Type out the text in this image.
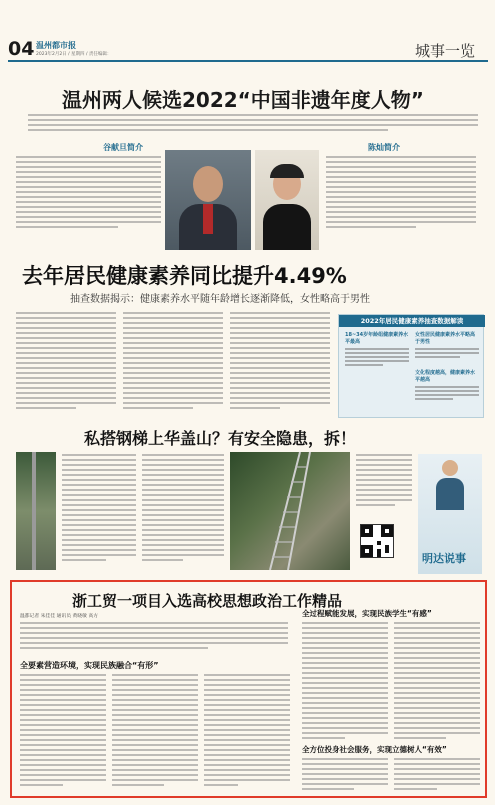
04 温州都市报
2023年2月2日 / 星期四 / 责任编辑：	城事一览
温州两人候选2022“中国非遗年度人物”
谷献旦简介	陈灿简介
去年居民健康素养同比提升4.49%
抽查数据揭示：健康素养水平随年龄增长逐渐降低，女性略高于男性
2022年居民健康素养抽查数据解读
18~34岁年龄组健康素养水平最高
女性居民健康素养水平略高于男性
文化程度越高，健康素养水平越高
私搭钢梯上华盖山？有安全隐患，拆！
明达说事
浙工贸一项目入选高校思想政治工作精品
温都记者 朱佳佳 通讯员 黄晓敏 高方
全要素营造环境，实现民族融合“有形”
全过程赋能发展，实现民族学生“有感”
全方位投身社会服务，实现立德树人“有效”
